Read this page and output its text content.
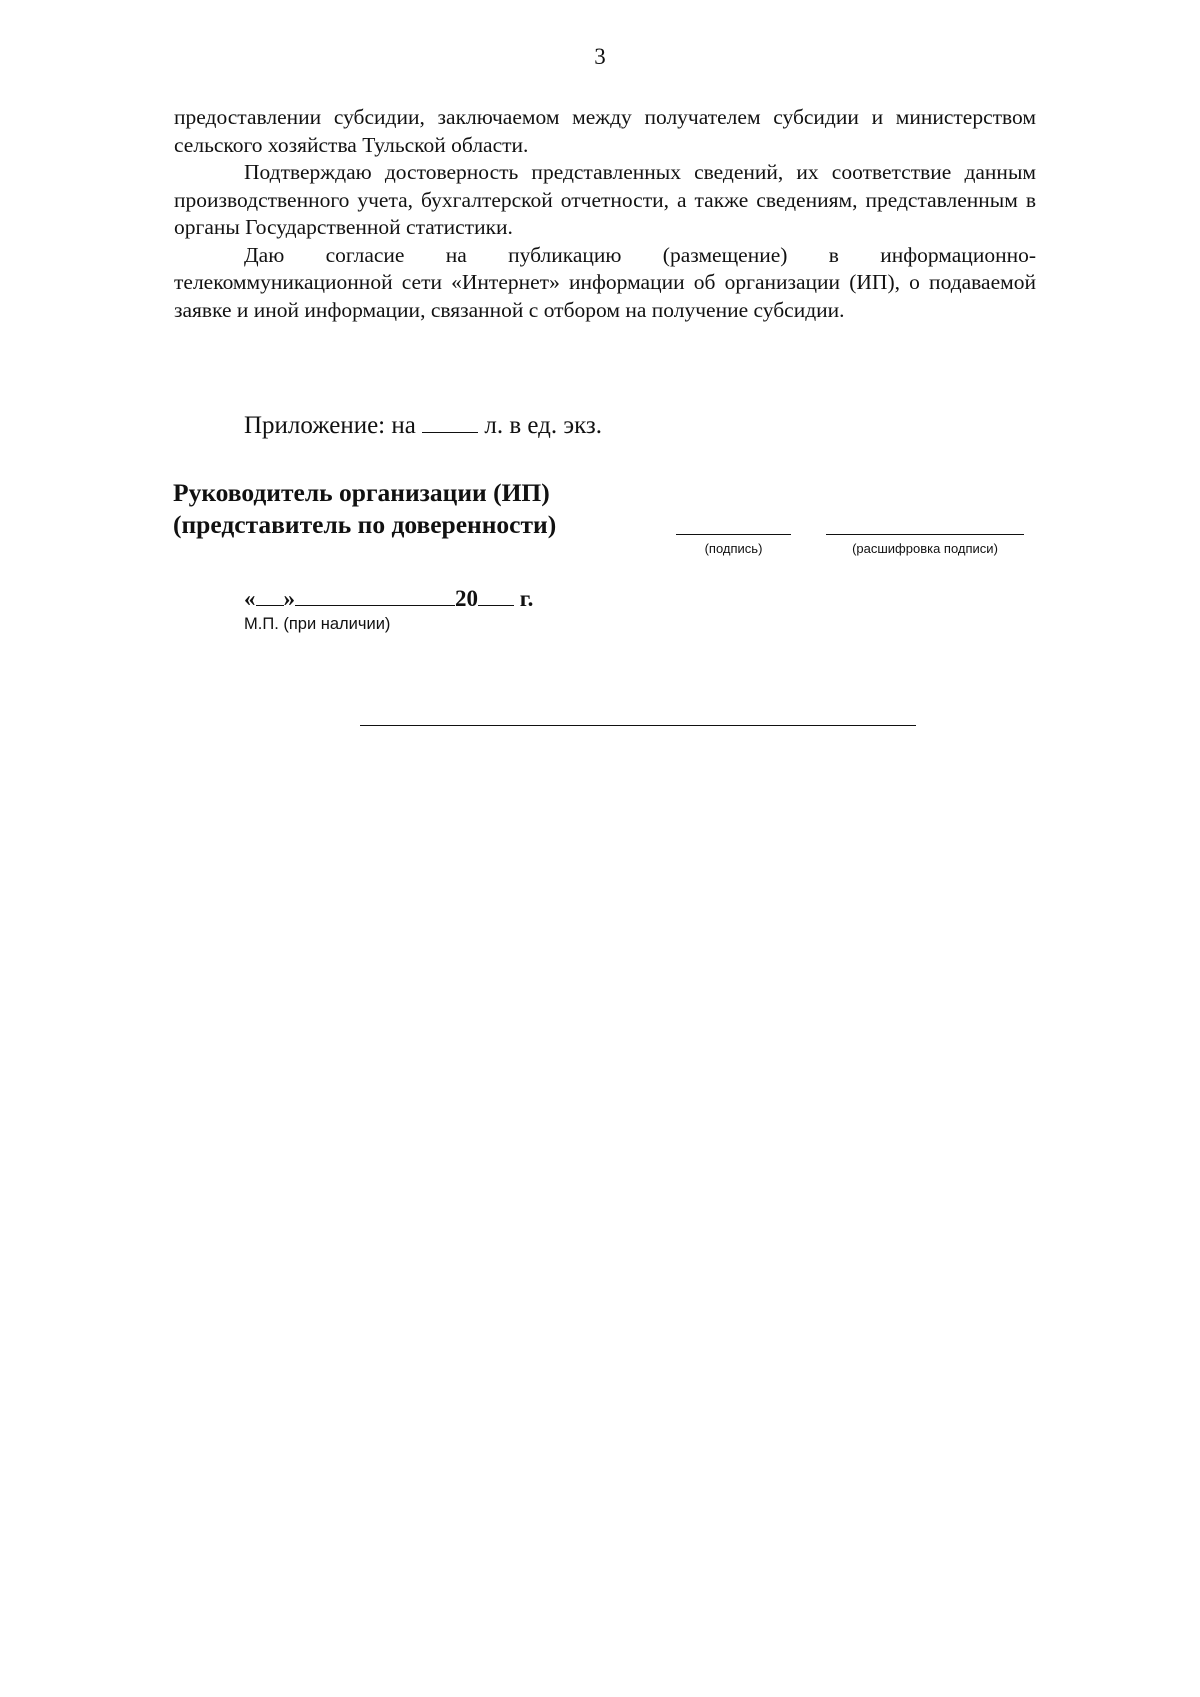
3

предоставлении субсидии, заключаемом между получателем субсидии и министерством сельского хозяйства Тульской области.

Подтверждаю достоверность представленных сведений, их соответствие данным производственного учета, бухгалтерской отчетности, а также сведениям, представленным в органы Государственной статистики.

Даю согласие на публикацию (размещение) в информационно-телекоммуникационной сети «Интернет» информации об организации (ИП), о подаваемой заявке и иной информации, связанной с отбором на получение субсидии.

Приложение: на	л. в ед. экз.
Руководитель организации (ИП)
(представитель по доверенности)
(подпись)	(расшифровка подписи)
« »	20 г.
М.П. (при наличии)
